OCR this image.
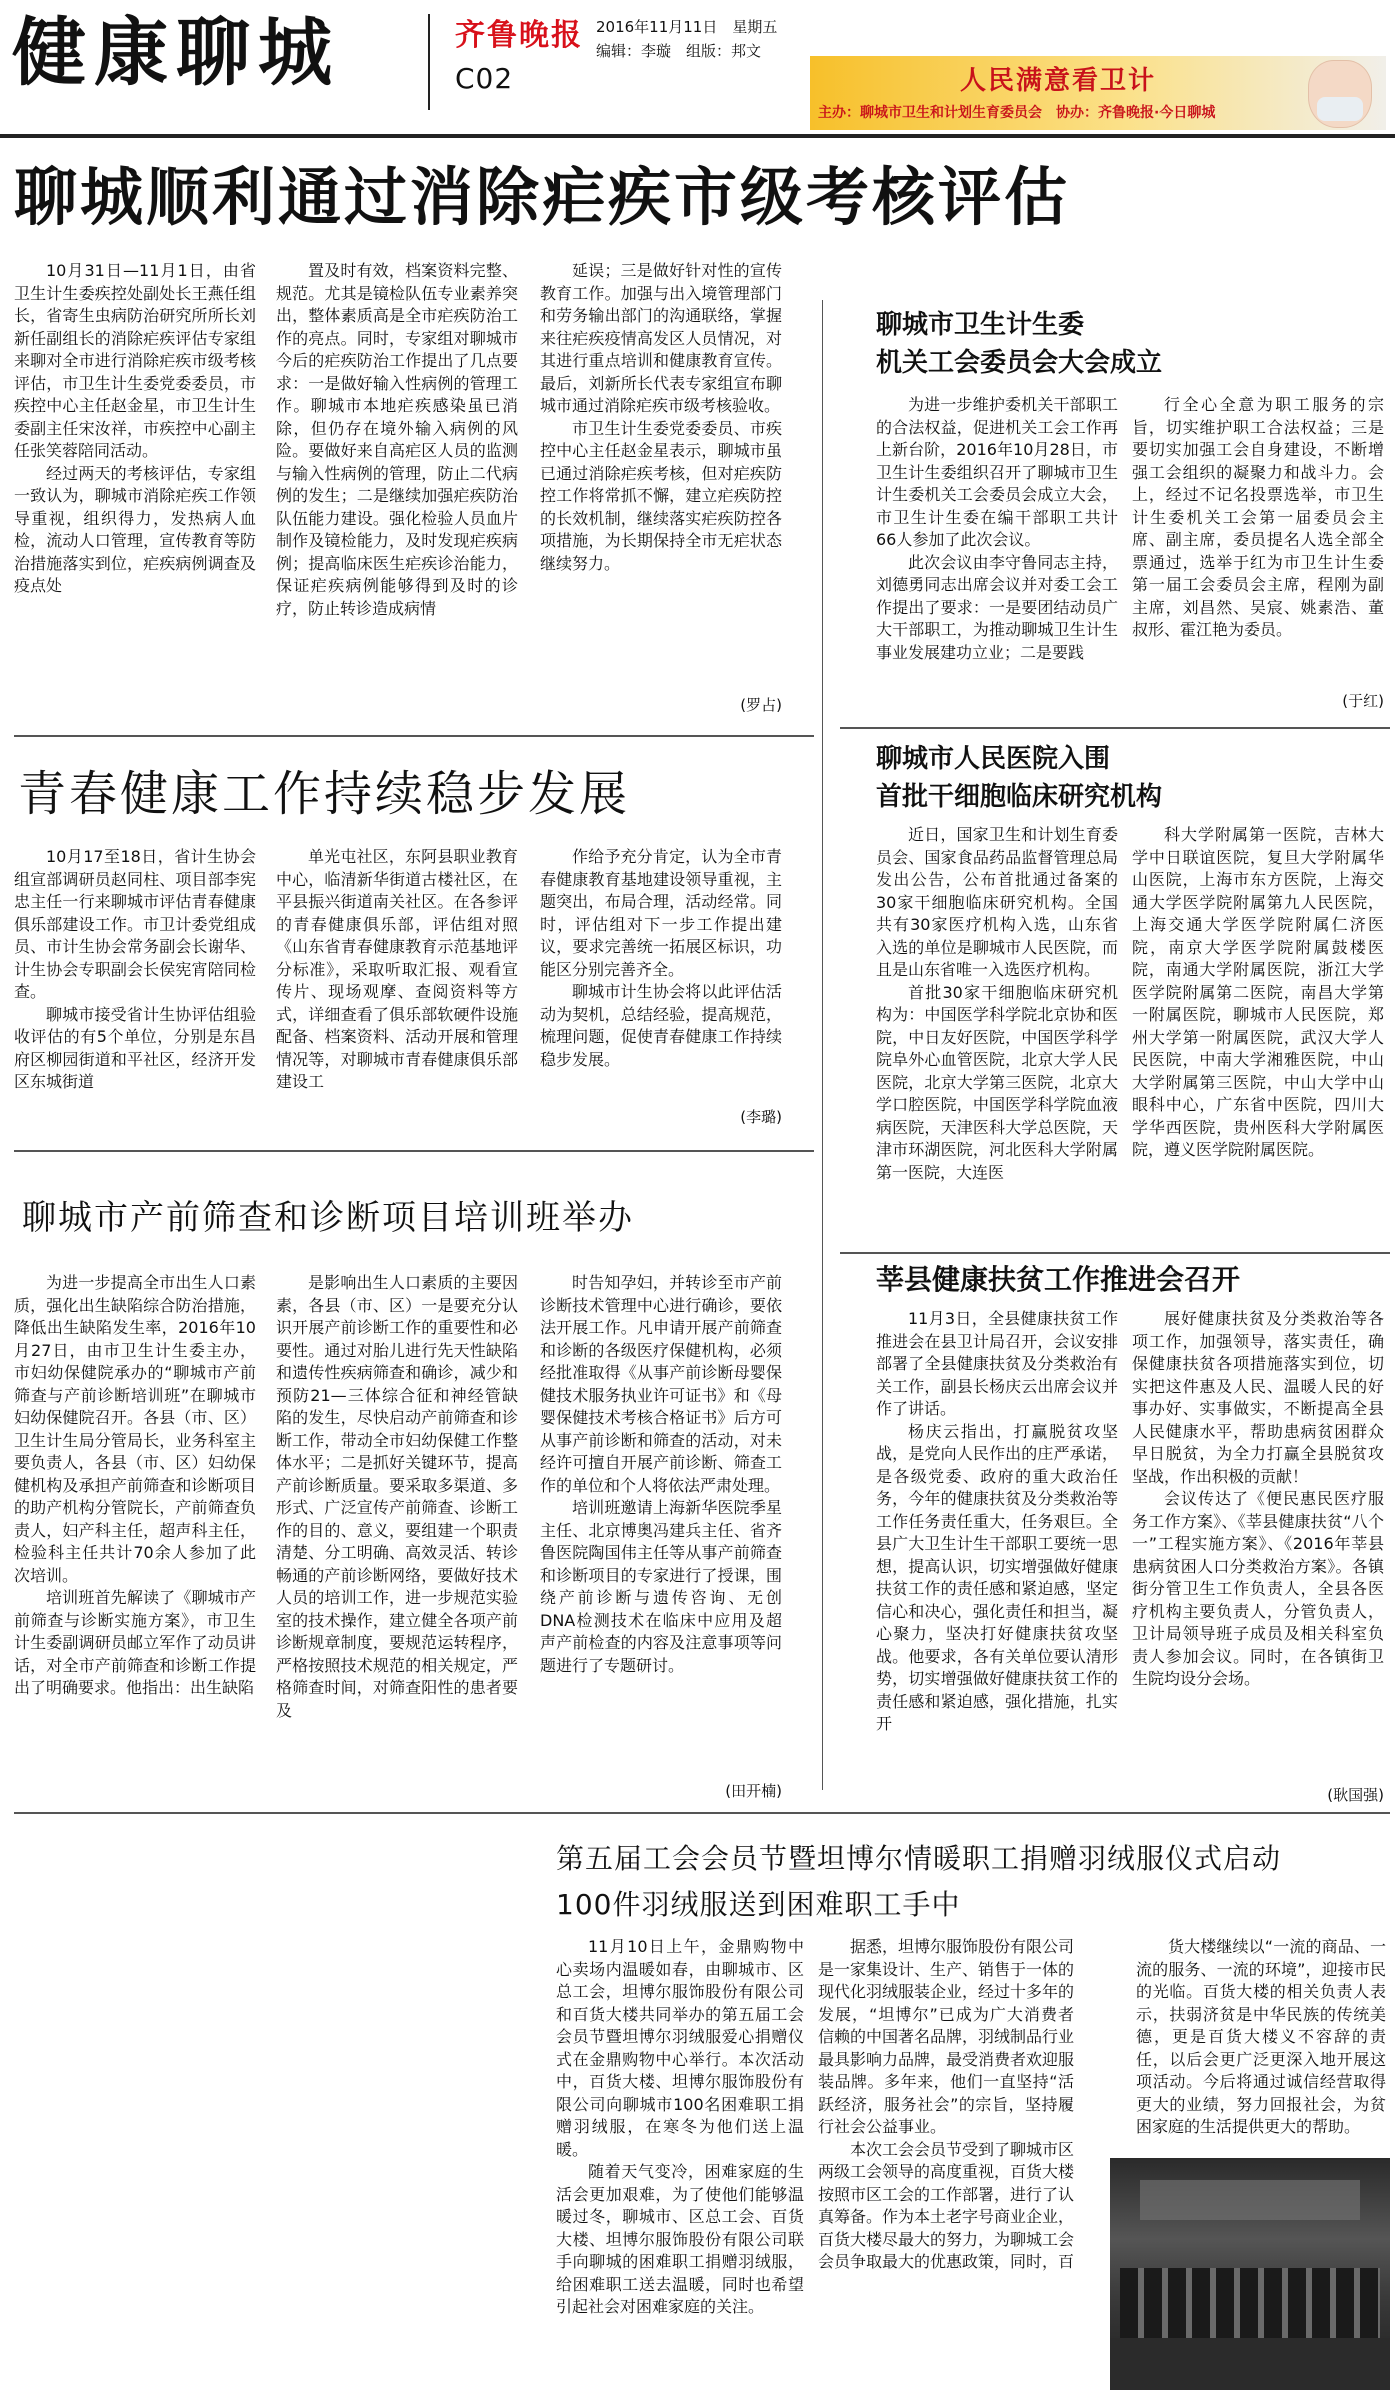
健康聊城	齐鲁晚报
C02
2016年11月11日　星期五
编辑：李璇　组版：邦文
人民满意看卫计
主办：聊城市卫生和计划生育委员会　协办：齐鲁晚报·今日聊城
聊城顺利通过消除疟疾市级考核评估

10月31日—11月1日，由省卫生计生委疾控处副处长王燕任组长，省寄生虫病防治研究所所长刘新任副组长的消除疟疾评估专家组来聊对全市进行消除疟疾市级考核评估，市卫生计生委党委委员，市疾控中心主任赵金星，市卫生计生委副主任宋汝祥，市疾控中心副主任张笑蓉陪同活动。

经过两天的考核评估，专家组一致认为，聊城市消除疟疾工作领导重视，组织得力，发热病人血检，流动人口管理，宣传教育等防治措施落实到位，疟疾病例调查及疫点处

置及时有效，档案资料完整、规范。尤其是镜检队伍专业素养突出，整体素质高是全市疟疾防治工作的亮点。同时，专家组对聊城市今后的疟疾防治工作提出了几点要求：一是做好输入性病例的管理工作。聊城市本地疟疾感染虽已消除，但仍存在境外输入病例的风险。要做好来自高疟区人员的监测与输入性病例的管理，防止二代病例的发生；二是继续加强疟疾防治队伍能力建设。强化检验人员血片制作及镜检能力，及时发现疟疾病例；提高临床医生疟疾诊治能力，保证疟疾病例能够得到及时的诊疗，防止转诊造成病情

延误；三是做好针对性的宣传教育工作。加强与出入境管理部门和劳务输出部门的沟通联络，掌握来往疟疾疫情高发区人员情况，对其进行重点培训和健康教育宣传。最后，刘新所长代表专家组宣布聊城市通过消除疟疾市级考核验收。

市卫生计生委党委委员、市疾控中心主任赵金星表示，聊城市虽已通过消除疟疾考核，但对疟疾防控工作将常抓不懈，建立疟疾防控的长效机制，继续落实疟疾防控各项措施，为长期保持全市无疟状态继续努力。

(罗占)
青春健康工作持续稳步发展

10月17至18日，省计生协会组宣部调研员赵同柱、项目部李宪忠主任一行来聊城市评估青春健康俱乐部建设工作。市卫计委党组成员、市计生协会常务副会长谢华、计生协会专职副会长侯宪宵陪同检查。

聊城市接受省计生协评估组验收评估的有5个单位，分别是东昌府区柳园街道和平社区，经济开发区东城街道

单光屯社区，东阿县职业教育中心，临清新华街道古楼社区，在平县振兴街道南关社区。在各参评的青春健康俱乐部，评估组对照《山东省青春健康教育示范基地评分标准》，采取听取汇报、观看宣传片、现场观摩、查阅资料等方式，详细查看了俱乐部软硬件设施配备、档案资料、活动开展和管理情况等，对聊城市青春健康俱乐部建设工

作给予充分肯定，认为全市青春健康教育基地建设领导重视，主题突出，布局合理，活动经常。同时，评估组对下一步工作提出建议，要求完善统一拓展区标识，功能区分别完善齐全。

聊城市计生协会将以此评估活动为契机，总结经验，提高规范，梳理问题，促使青春健康工作持续稳步发展。

(李璐)
聊城市产前筛查和诊断项目培训班举办

为进一步提高全市出生人口素质，强化出生缺陷综合防治措施，降低出生缺陷发生率，2016年10月27日，由市卫生计生委主办，市妇幼保健院承办的“聊城市产前筛查与产前诊断培训班”在聊城市妇幼保健院召开。各县（市、区）卫生计生局分管局长，业务科室主要负责人，各县（市、区）妇幼保健机构及承担产前筛查和诊断项目的助产机构分管院长，产前筛查负责人，妇产科主任，超声科主任，检验科主任共计70余人参加了此次培训。

培训班首先解读了《聊城市产前筛查与诊断实施方案》，市卫生计生委副调研员邮立军作了动员讲话，对全市产前筛查和诊断工作提出了明确要求。他指出：出生缺陷

是影响出生人口素质的主要因素，各县（市、区）一是要充分认识开展产前诊断工作的重要性和必要性。通过对胎儿进行先天性缺陷和遗传性疾病筛查和确诊，减少和预防21—三体综合征和神经管缺陷的发生，尽快启动产前筛查和诊断工作，带动全市妇幼保健工作整体水平；二是抓好关键环节，提高产前诊断质量。要采取多渠道、多形式、广泛宣传产前筛查、诊断工作的目的、意义，要组建一个职责清楚、分工明确、高效灵活、转诊畅通的产前诊断网络，要做好技术人员的培训工作，进一步规范实验室的技术操作，建立健全各项产前诊断规章制度，要规范运转程序，严格按照技术规范的相关规定，严格筛查时间，对筛查阳性的患者要及

时告知孕妇，并转诊至市产前诊断技术管理中心进行确诊，要依法开展工作。凡申请开展产前筛查和诊断的各级医疗保健机构，必须经批准取得《从事产前诊断母婴保健技术服务执业许可证书》和《母婴保健技术考核合格证书》后方可从事产前诊断和筛查的活动，对未经许可擅自开展产前诊断、筛查工作的单位和个人将依法严肃处理。

培训班邀请上海新华医院季星主任、北京博奥冯建兵主任、省齐鲁医院陶国伟主任等从事产前筛查和诊断项目的专家进行了授课，围绕产前诊断与遗传咨询、无创DNA检测技术在临床中应用及超声产前检查的内容及注意事项等问题进行了专题研讨。

(田开楠)
聊城市卫生计生委
机关工会委员会大会成立

为进一步维护委机关干部职工的合法权益，促进机关工会工作再上新台阶，2016年10月28日，市卫生计生委组织召开了聊城市卫生计生委机关工会委员会成立大会，市卫生计生委在编干部职工共计66人参加了此次会议。

此次会议由李守鲁同志主持，刘德勇同志出席会议并对委工会工作提出了要求：一是要团结动员广大干部职工，为推动聊城卫生计生事业发展建功立业；二是要践

行全心全意为职工服务的宗旨，切实维护职工合法权益；三是要切实加强工会自身建设，不断增强工会组织的凝聚力和战斗力。会上，经过不记名投票选举，市卫生计生委机关工会第一届委员会主席、副主席，委员提名人选全部全票通过，选举于红为市卫生计生委第一届工会委员会主席，程刚为副主席，刘昌然、吴宸、姚素浩、董叔形、霍江艳为委员。

(于红)
聊城市人民医院入围
首批干细胞临床研究机构

近日，国家卫生和计划生育委员会、国家食品药品监督管理总局发出公告，公布首批通过备案的30家干细胞临床研究机构。全国共有30家医疗机构入选，山东省入选的单位是聊城市人民医院，而且是山东省唯一入选医疗机构。

首批30家干细胞临床研究机构为：中国医学科学院北京协和医院，中日友好医院，中国医学科学院阜外心血管医院，北京大学人民医院，北京大学第三医院，北京大学口腔医院，中国医学科学院血液病医院，天津医科大学总医院，天津市环湖医院，河北医科大学附属第一医院，大连医

科大学附属第一医院，吉林大学中日联谊医院，复旦大学附属华山医院，上海市东方医院，上海交通大学医学院附属第九人民医院，上海交通大学医学院附属仁济医院，南京大学医学院附属鼓楼医院，南通大学附属医院，浙江大学医学院附属第二医院，南昌大学第一附属医院，聊城市人民医院，郑州大学第一附属医院，武汉大学人民医院，中南大学湘雅医院，中山大学附属第三医院，中山大学中山眼科中心，广东省中医院，四川大学华西医院，贵州医科大学附属医院，遵义医学院附属医院。

莘县健康扶贫工作推进会召开

11月3日，全县健康扶贫工作推进会在县卫计局召开，会议安排部署了全县健康扶贫及分类救治有关工作，副县长杨庆云出席会议并作了讲话。

杨庆云指出，打赢脱贫攻坚战，是党向人民作出的庄严承诺，是各级党委、政府的重大政治任务，今年的健康扶贫及分类救治等工作任务责任重大，任务艰巨。全县广大卫生计生干部职工要统一思想，提高认识，切实增强做好健康扶贫工作的责任感和紧迫感，坚定信心和决心，强化责任和担当，凝心聚力，坚决打好健康扶贫攻坚战。他要求，各有关单位要认清形势，切实增强做好健康扶贫工作的责任感和紧迫感，强化措施，扎实开

展好健康扶贫及分类救治等各项工作，加强领导，落实责任，确保健康扶贫各项措施落实到位，切实把这件惠及人民、温暖人民的好事办好、实事做实，不断提高全县人民健康水平，帮助患病贫困群众早日脱贫，为全力打赢全县脱贫攻坚战，作出积极的贡献！

会议传达了《便民惠民医疗服务工作方案》、《莘县健康扶贫“八个一”工程实施方案》、《2016年莘县患病贫困人口分类救治方案》。各镇街分管卫生工作负责人，全县各医疗机构主要负责人，分管负责人，卫计局领导班子成员及相关科室负责人参加会议。同时，在各镇街卫生院均设分会场。

(耿国强)
第五届工会会员节暨坦博尔情暖职工捐赠羽绒服仪式启动
100件羽绒服送到困难职工手中

11月10日上午，金鼎购物中心卖场内温暖如春，由聊城市、区总工会，坦博尔服饰股份有限公司和百货大楼共同举办的第五届工会会员节暨坦博尔羽绒服爱心捐赠仪式在金鼎购物中心举行。本次活动中，百货大楼、坦博尔服饰股份有限公司向聊城市100名困难职工捐赠羽绒服，在寒冬为他们送上温暖。

随着天气变冷，困难家庭的生活会更加艰难，为了使他们能够温暖过冬，聊城市、区总工会、百货大楼、坦博尔服饰股份有限公司联手向聊城的困难职工捐赠羽绒服，给困难职工送去温暖，同时也希望引起社会对困难家庭的关注。

据悉，坦博尔服饰股份有限公司是一家集设计、生产、销售于一体的现代化羽绒服装企业，经过十多年的发展，“坦博尔”已成为广大消费者信赖的中国著名品牌，羽绒制品行业最具影响力品牌，最受消费者欢迎服装品牌。多年来，他们一直坚持“活跃经济，服务社会”的宗旨，坚持履行社会公益事业。

本次工会会员节受到了聊城市区两级工会领导的高度重视，百货大楼按照市区工会的工作部署，进行了认真筹备。作为本土老字号商业企业，百货大楼尽最大的努力，为聊城工会会员争取最大的优惠政策，同时，百

货大楼继续以“一流的商品、一流的服务、一流的环境”，迎接市民的光临。百货大楼的相关负责人表示，扶弱济贫是中华民族的传统美德，更是百货大楼义不容辞的责任，以后会更广泛更深入地开展这项活动。今后将通过诚信经营取得更大的业绩，努力回报社会，为贫困家庭的生活提供更大的帮助。
